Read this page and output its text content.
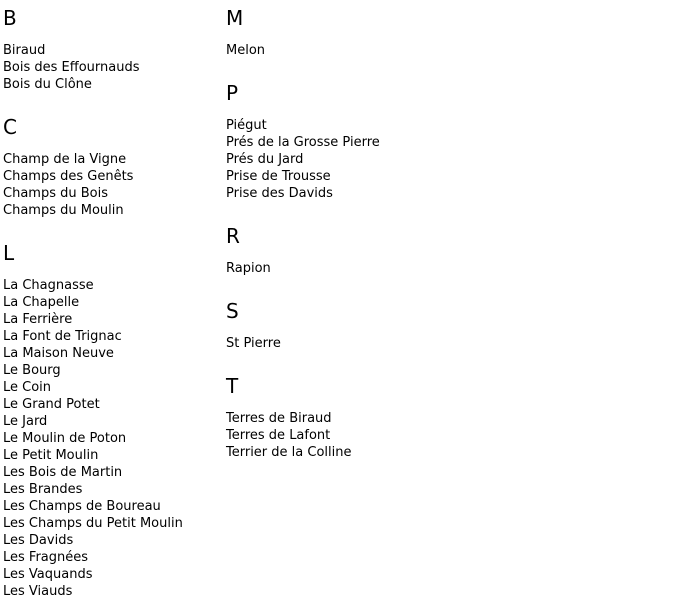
B
Biraud
Bois des Effournauds
Bois du Clône
C
Champ de la Vigne
Champs des Genêts
Champs du Bois
Champs du Moulin
L
La Chagnasse
La Chapelle
La Ferrière
La Font de Trignac
La Maison Neuve
Le Bourg
Le Coin
Le Grand Potet
Le Jard
Le Moulin de Poton
Le Petit Moulin
Les Bois de Martin
Les Brandes
Les Champs de Boureau
Les Champs du Petit Moulin
Les Davids
Les Fragnées
Les Vaquands
Les Viauds
M
Melon
P
Piégut
Prés de la Grosse Pierre
Prés du Jard
Prise de Trousse
Prise des Davids
R
Rapion
S
St Pierre
T
Terres de Biraud
Terres de Lafont
Terrier de la Colline
